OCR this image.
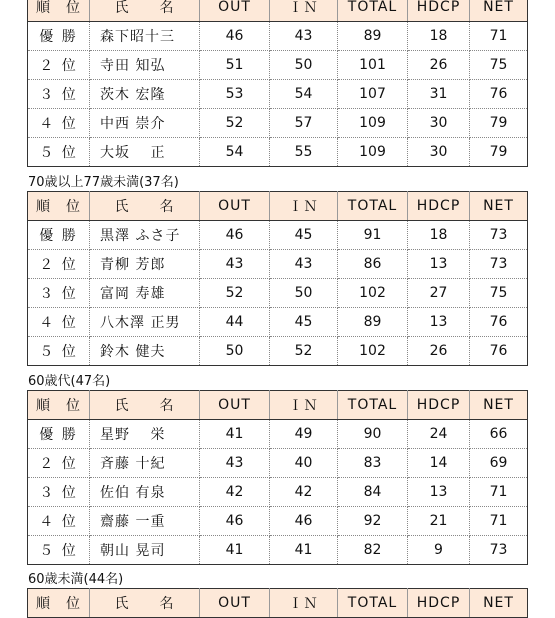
順　位	氏　　名	OUT	ＩＮ	TOTAL	HDCP	NET
優 勝	森下昭十三	46	43	89	18	71
２ 位	寺田 知弘	51	50	101	26	75
３ 位	茨木 宏隆	53	54	107	31	76
４ 位	中西 崇介	52	57	109	30	79
５ 位	大坂　 正	54	55	109	30	79
70歳以上77歳未満(37名)
順　位	氏　　名	OUT	ＩＮ	TOTAL	HDCP	NET
優 勝	黒澤 ふさ子	46	45	91	18	73
２ 位	青柳 芳郎	43	43	86	13	73
３ 位	富岡 寿雄	52	50	102	27	75
４ 位	八木澤 正男	44	45	89	13	76
５ 位	鈴木 健夫	50	52	102	26	76
60歳代(47名)
順　位	氏　　名	OUT	ＩＮ	TOTAL	HDCP	NET
優 勝	星野　 栄	41	49	90	24	66
２ 位	斉藤 十紀	43	40	83	14	69
３ 位	佐伯 有泉	42	42	84	13	71
４ 位	齋藤 一重	46	46	92	21	71
５ 位	朝山 晃司	41	41	82	9	73
60歳未満(44名)
順　位	氏　　名	OUT	ＩＮ	TOTAL	HDCP	NET
